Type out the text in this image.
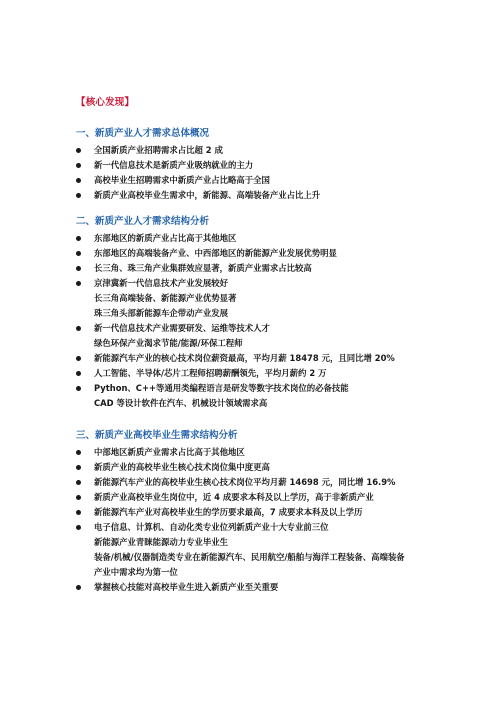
【核心发现】
一、新质产业人才需求总体概况
全国新质产业招聘需求占比超 2 成
新一代信息技术是新质产业吸纳就业的主力
高校毕业生招聘需求中新质产业占比略高于全国
新质产业高校毕业生需求中，新能源、高端装备产业占比上升
二、新质产业人才需求结构分析
东部地区的新质产业占比高于其他地区
东部地区的高端装备产业、中西部地区的新能源产业发展优势明显
长三角、珠三角产业集群效应显著，新质产业需求占比较高
京津冀新一代信息技术产业发展较好
长三角高端装备、新能源产业优势显著
珠三角头部新能源车企带动产业发展
新一代信息技术产业需要研发、运维等技术人才
绿色环保产业渴求节能/能源/环保工程师
新能源汽车产业的核心技术岗位薪资最高，平均月薪 18478 元，且同比增 20%
人工智能、半导体/芯片工程师招聘薪酬领先，平均月薪约 2 万
Python、C++等通用类编程语言是研发等数字技术岗位的必备技能
CAD 等设计软件在汽车、机械设计领域需求高
三、新质产业高校毕业生需求结构分析
中部地区新质产业需求占比高于其他地区
新质产业的高校毕业生核心技术岗位集中度更高
新能源汽车产业的高校毕业生核心技术岗位平均月薪 14698 元，同比增 16.9%
新质产业高校毕业生岗位中，近 4 成要求本科及以上学历，高于非新质产业
新能源汽车产业对高校毕业生的学历要求最高，7 成要求本科及以上学历
电子信息、计算机、自动化类专业位列新质产业十大专业前三位
新能源产业青睐能源动力专业毕业生
装备/机械/仪器制造类专业在新能源汽车、民用航空/船舶与海洋工程装备、高端装备
产业中需求均为第一位
掌握核心技能对高校毕业生进入新质产业至关重要
